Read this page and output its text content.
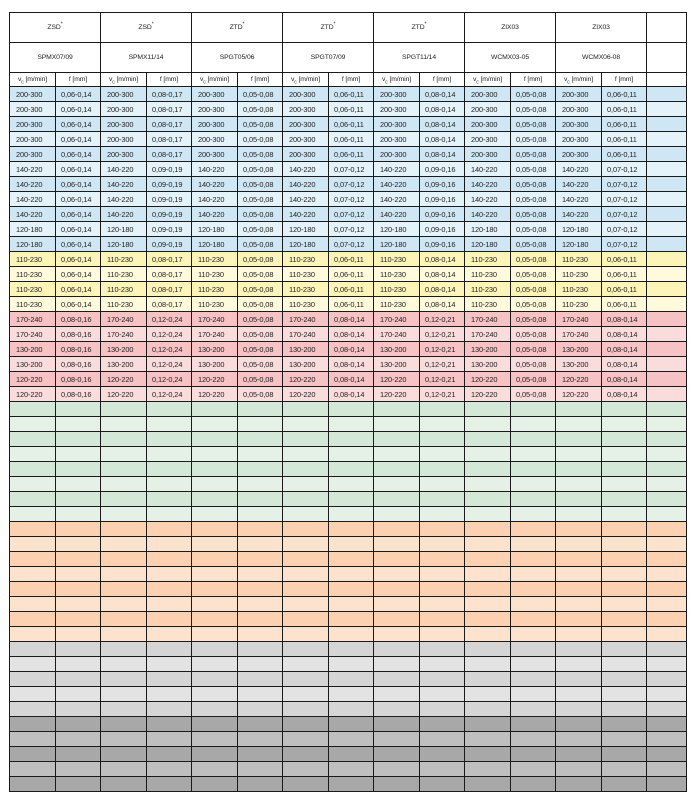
ZSD*		ZSD*		ZTD*		ZTD*		ZTD*		ZIX03		ZIX03		
SPMX07/09		SPMX11/14		SPGT05/06		SPGT07/09		SPGT11/14		WCMX03-05		WCMX06-08		
$v_c$ [m/min]	f [mm]	$v_c$ [m/min]	f [mm]	$v_c$ [m/min]	f [mm]	$v_c$ [m/min]	f [mm]	$v_c$ [m/min]	f [mm]	$v_c$ [m/min]	f [mm]	$v_c$ [m/min]	f [mm]	
200-300	0,06-0,14	200-300	0,08-0,17	200-300	0,05-0,08	200-300	0,06-0,11	200-300	0,08-0,14	200-300	0,05-0,08	200-300	0,06-0,11	
200-300	0,06-0,14	200-300	0,08-0,17	200-300	0,05-0,08	200-300	0,06-0,11	200-300	0,08-0,14	200-300	0,05-0,08	200-300	0,06-0,11	
200-300	0,06-0,14	200-300	0,08-0,17	200-300	0,05-0,08	200-300	0,06-0,11	200-300	0,08-0,14	200-300	0,05-0,08	200-300	0,06-0,11	
200-300	0,06-0,14	200-300	0,08-0,17	200-300	0,05-0,08	200-300	0,06-0,11	200-300	0,08-0,14	200-300	0,05-0,08	200-300	0,06-0,11	
200-300	0,06-0,14	200-300	0,08-0,17	200-300	0,05-0,08	200-300	0,06-0,11	200-300	0,08-0,14	200-300	0,05-0,08	200-300	0,06-0,11	
140-220	0,06-0,14	140-220	0,09-0,19	140-220	0,05-0,08	140-220	0,07-0,12	140-220	0,09-0,16	140-220	0,05-0,08	140-220	0,07-0,12	
140-220	0,06-0,14	140-220	0,09-0,19	140-220	0,05-0,08	140-220	0,07-0,12	140-220	0,09-0,16	140-220	0,05-0,08	140-220	0,07-0,12	
140-220	0,06-0,14	140-220	0,09-0,19	140-220	0,05-0,08	140-220	0,07-0,12	140-220	0,09-0,16	140-220	0,05-0,08	140-220	0,07-0,12	
140-220	0,06-0,14	140-220	0,09-0,19	140-220	0,05-0,08	140-220	0,07-0,12	140-220	0,09-0,16	140-220	0,05-0,08	140-220	0,07-0,12	
120-180	0,06-0,14	120-180	0,09-0,19	120-180	0,05-0,08	120-180	0,07-0,12	120-180	0,09-0,16	120-180	0,05-0,08	120-180	0,07-0,12	
120-180	0,06-0,14	120-180	0,09-0,19	120-180	0,05-0,08	120-180	0,07-0,12	120-180	0,09-0,16	120-180	0,05-0,08	120-180	0,07-0,12	
110-230	0,06-0,14	110-230	0,08-0,17	110-230	0,05-0,08	110-230	0,06-0,11	110-230	0,08-0,14	110-230	0,05-0,08	110-230	0,06-0,11	
110-230	0,06-0,14	110-230	0,08-0,17	110-230	0,05-0,08	110-230	0,06-0,11	110-230	0,08-0,14	110-230	0,05-0,08	110-230	0,06-0,11	
110-230	0,06-0,14	110-230	0,08-0,17	110-230	0,05-0,08	110-230	0,06-0,11	110-230	0,08-0,14	110-230	0,05-0,08	110-230	0,06-0,11	
110-230	0,06-0,14	110-230	0,08-0,17	110-230	0,05-0,08	110-230	0,06-0,11	110-230	0,08-0,14	110-230	0,05-0,08	110-230	0,06-0,11	
170-240	0,08-0,16	170-240	0,12-0,24	170-240	0,05-0,08	170-240	0,08-0,14	170-240	0,12-0,21	170-240	0,05-0,08	170-240	0,08-0,14	
170-240	0,08-0,16	170-240	0,12-0,24	170-240	0,05-0,08	170-240	0,08-0,14	170-240	0,12-0,21	170-240	0,05-0,08	170-240	0,08-0,14	
130-200	0,08-0,16	130-200	0,12-0,24	130-200	0,05-0,08	130-200	0,08-0,14	130-200	0,12-0,21	130-200	0,05-0,08	130-200	0,08-0,14	
130-200	0,08-0,16	130-200	0,12-0,24	130-200	0,05-0,08	130-200	0,08-0,14	130-200	0,12-0,21	130-200	0,05-0,08	130-200	0,08-0,14	
120-220	0,08-0,16	120-220	0,12-0,24	120-220	0,05-0,08	120-220	0,08-0,14	120-220	0,12-0,21	120-220	0,05-0,08	120-220	0,08-0,14	
120-220	0,08-0,16	120-220	0,12-0,24	120-220	0,05-0,08	120-220	0,08-0,14	120-220	0,12-0,21	120-220	0,05-0,08	120-220	0,08-0,14	
